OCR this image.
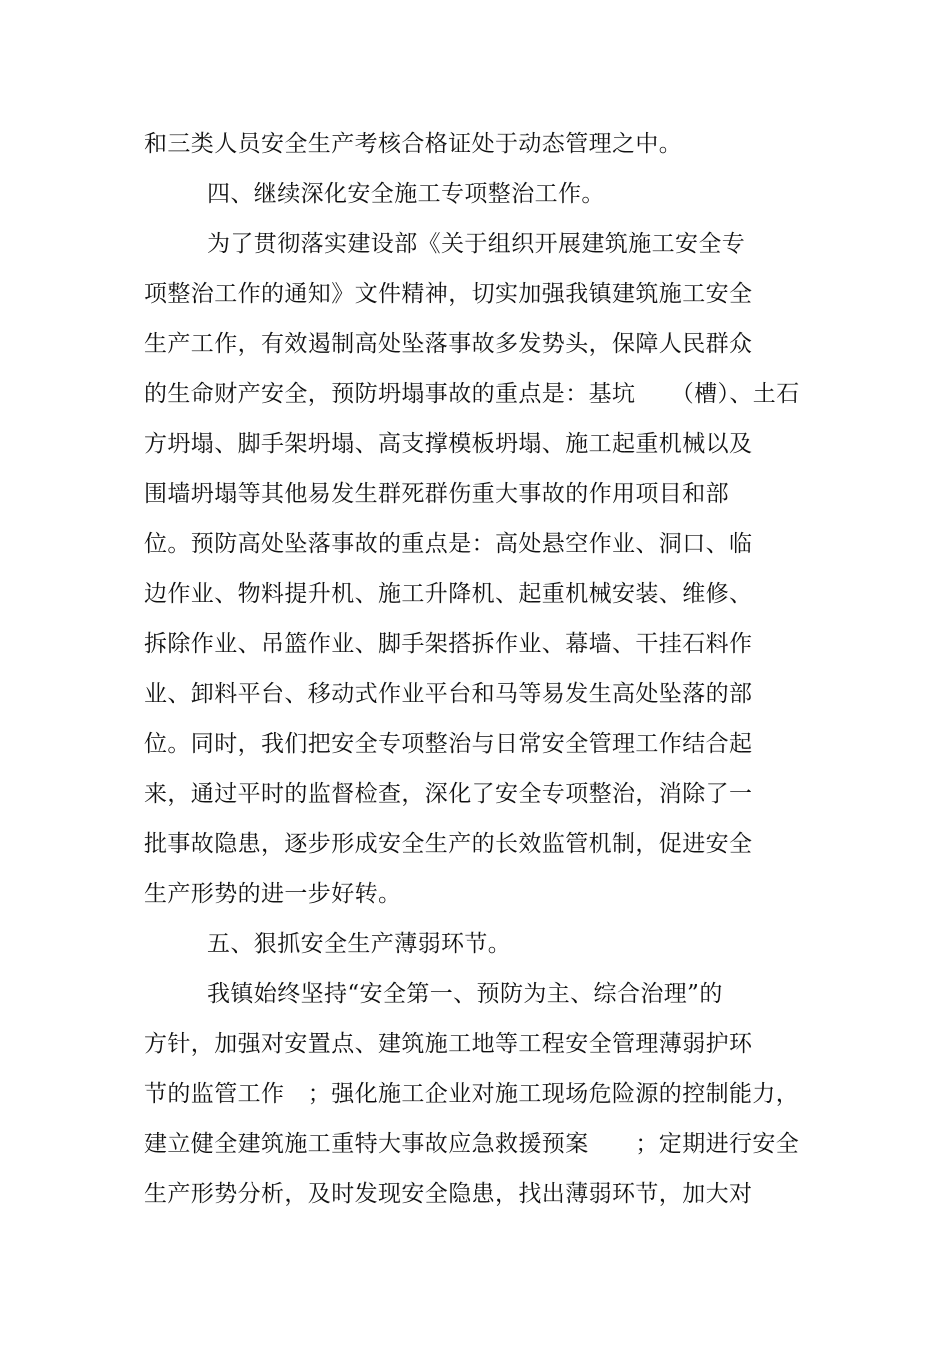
和三类人员安全生产考核合格证处于动态管理之中。
四、继续深化安全施工专项整治工作。
为了贯彻落实建设部《关于组织开展建筑施工安全专
项整治工作的通知》文件精神，切实加强我镇建筑施工安全
生产工作，有效遏制高处坠落事故多发势头，保障人民群众
的生命财产安全，预防坍塌事故的重点是：基坑　　（槽）、土石
方坍塌、脚手架坍塌、高支撑模板坍塌、施工起重机械以及
围墙坍塌等其他易发生群死群伤重大事故的作用项目和部
位。预防高处坠落事故的重点是：高处悬空作业、洞口、临
边作业、物料提升机、施工升降机、起重机械安装、维修、
拆除作业、吊篮作业、脚手架搭拆作业、幕墙、干挂石料作
业、卸料平台、移动式作业平台和马等易发生高处坠落的部
位。同时，我们把安全专项整治与日常安全管理工作结合起
来，通过平时的监督检查，深化了安全专项整治，消除了一
批事故隐患，逐步形成安全生产的长效监管机制，促进安全
生产形势的进一步好转。
五、狠抓安全生产薄弱环节。
我镇始终坚持“安全第一、预防为主、综合治理”的
方针，加强对安置点、建筑施工地等工程安全管理薄弱护环
节的监管工作　；强化施工企业对施工现场危险源的控制能力，
建立健全建筑施工重特大事故应急救援预案　　；定期进行安全
生产形势分析，及时发现安全隐患，找出薄弱环节，加大对
